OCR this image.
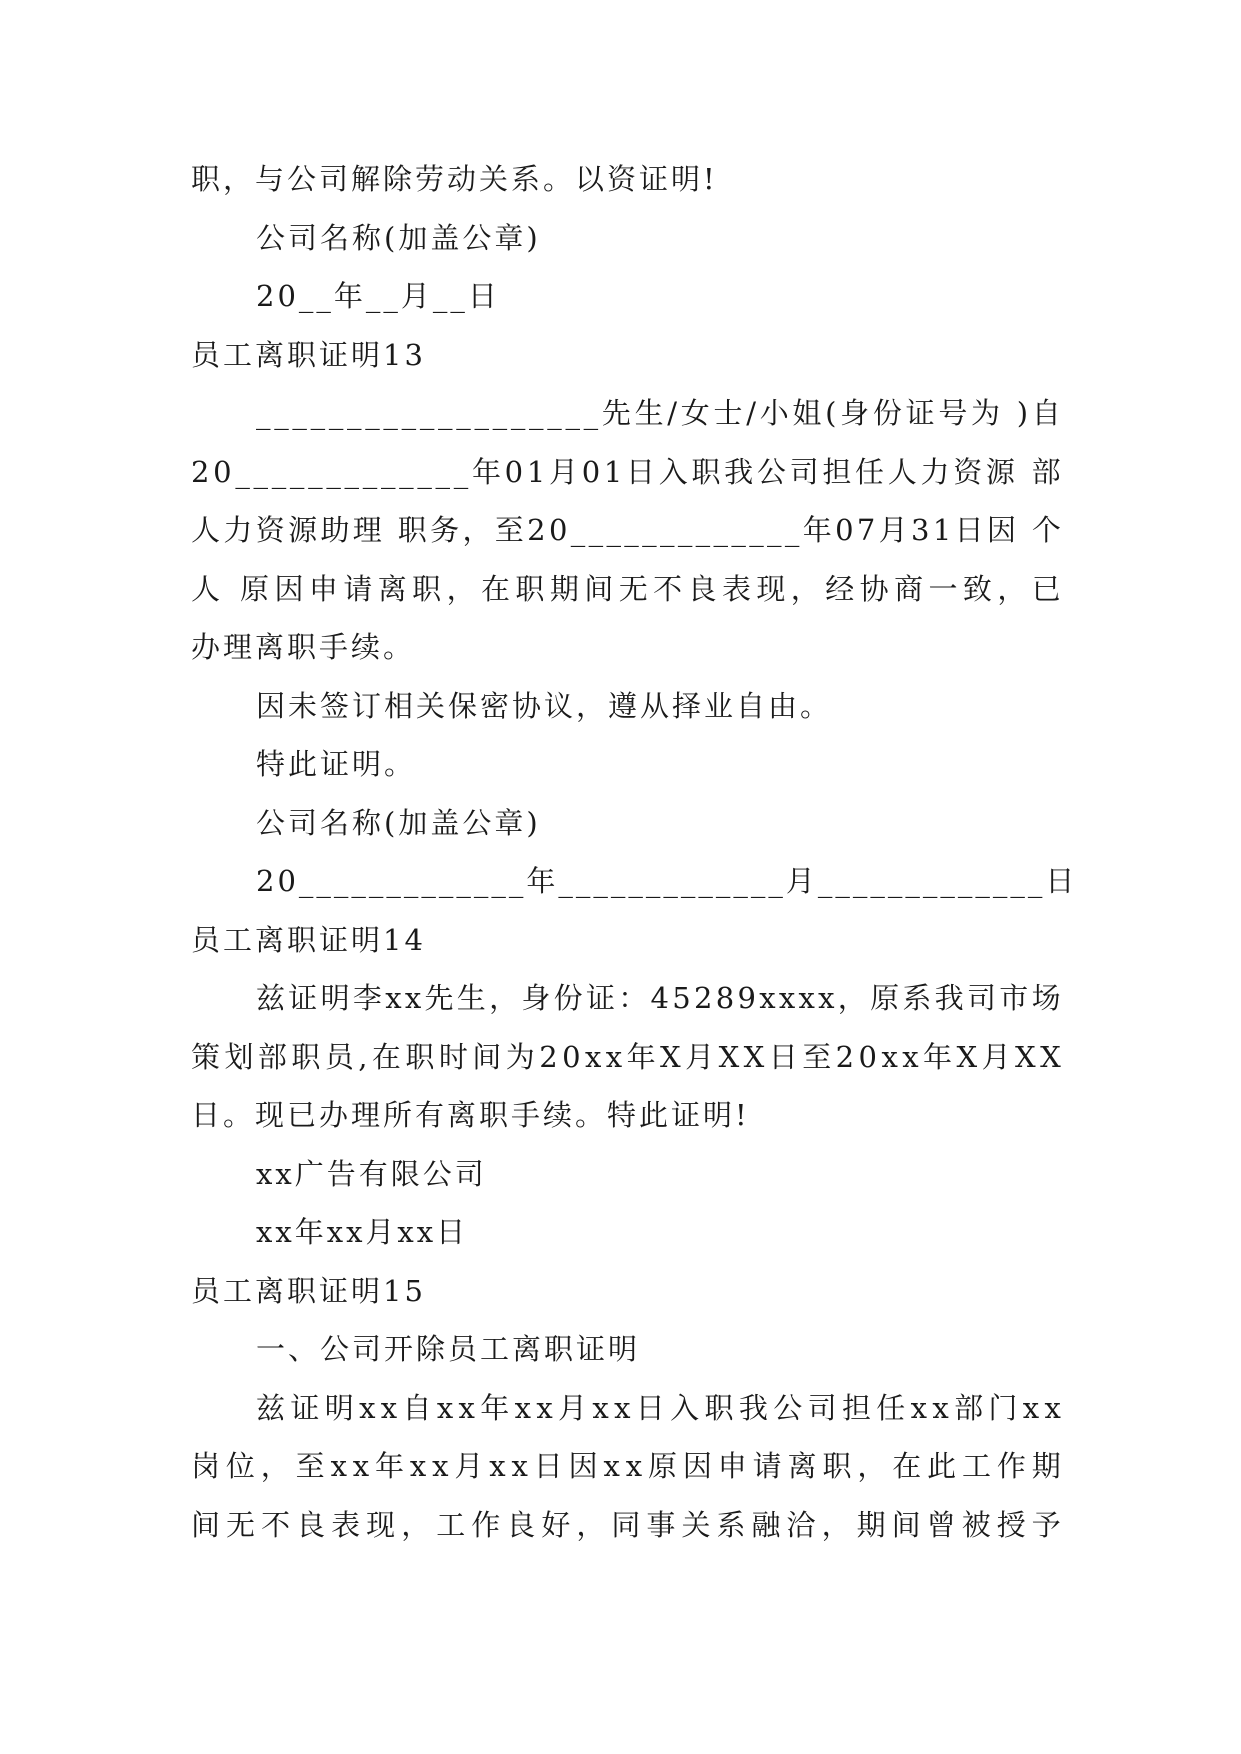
职，与公司解除劳动关系。以资证明!
公司名称(加盖公章)
20__年__月__日
员工离职证明13
_ _ _ _ _ _ _ _ _ _ _ _ _ _ _ _ _ _ _ 先 生 / 女 士 / 小 姐 ( 身 份 证 号 为
) 自
2 0 _ _ _ _ _ _ _ _ _ _ _ _ _ 年 0 1 月 0 1 日 入 职 我 公 司 担 任 人 力 资 源
部
人 力 资 源 助 理
职 务 ， 至 2 0 _ _ _ _ _ _ _ _ _ _ _ _ _ 年 0 7 月 3 1 日 因
个
人
原 因 申 请 离 职 ， 在 职 期 间 无 不 良 表 现 ， 经 协 商 一 致 ， 已
办理离职手续。
因未签订相关保密协议，遵从择业自由。
特此证明。
公司名称(加盖公章)
20_____________年_____________月_____________日
员工离职证明14
兹 证 明 李 x x 先 生 ， 身 份 证 ： 4 5 2 8 9 x x x x ， 原 系 我 司 市 场
策 划 部 职 员 , 在 职 时 间 为 2 0 x x 年 X 月 X X 日 至 2 0 x x 年 X 月 X X
日。现已办理所有离职手续。特此证明!
xx广告有限公司
xx年xx月xx日
员工离职证明15
一、公司开除员工离职证明
兹 证 明 x x 自 x x 年 x x 月 x x 日 入 职 我 公 司 担 任 x x 部 门 x x
岗 位 ， 至 x x 年 x x 月 x x 日 因 x x 原 因 申 请 离 职 ， 在 此 工 作 期
间 无 不 良 表 现 ， 工 作 良 好 ， 同 事 关 系 融 洽 ， 期 间 曾 被 授 予
